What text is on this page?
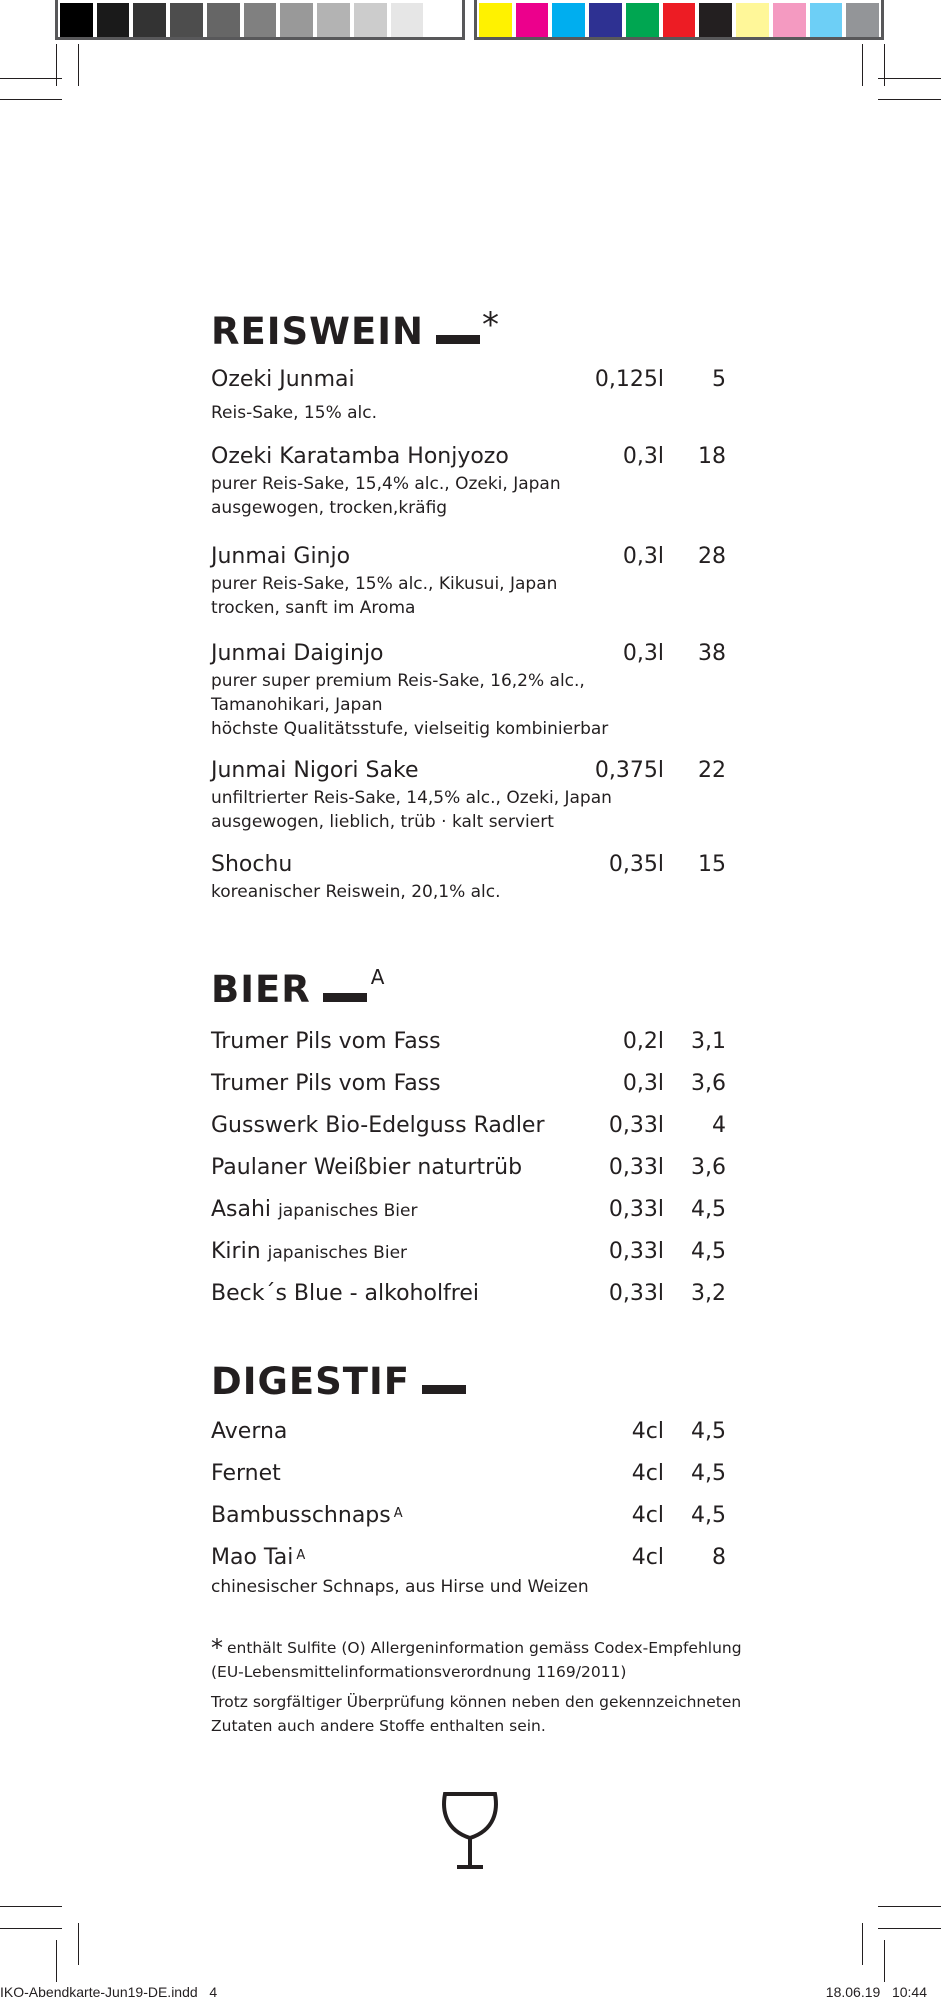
REISWEIN *
Ozeki Junmai	0,125l 5
Reis-Sake, 15% alc.
Ozeki Karatamba Honjyozo	0,3l 18
purer Reis-Sake, 15,4% alc., Ozeki, Japan
ausgewogen, trocken,kräfig
Junmai Ginjo	0,3l 28
purer Reis-Sake, 15% alc., Kikusui, Japan
trocken, sanft im Aroma
Junmai Daiginjo	0,3l 38
purer super premium Reis-Sake, 16,2% alc.,
Tamanohikari, Japan
höchste Qualitätsstufe, vielseitig kombinierbar
Junmai Nigori Sake	0,375l 22
unfiltrierter Reis-Sake, 14,5% alc., Ozeki, Japan
ausgewogen, lieblich, trüb · kalt serviert
Shochu	0,35l 15
koreanischer Reiswein, 20,1% alc.
BIER	$^A$
Trumer Pils vom Fass	0,2l 3,1
Trumer Pils vom Fass	0,3l 3,6
Gusswerk Bio-Edelguss Radler	0,33l 4
Paulaner Weißbier naturtrüb	0,33l 3,6
Asahi japanisches Bier	0,33l 4,5
Kirin japanisches Bier	0,33l 4,5
Beck´s Blue - alkoholfrei	0,33l 3,2
DIGESTIF
Averna	4cl 4,5
Fernet	4cl 4,5
Bambusschnaps $^A$	4cl 4,5
Mao Tai $^A$	4cl 8
chinesischer Schnaps, aus Hirse und Weizen
* enthält Sulfite (O) Allergeninformation gemäss Codex-Empfehlung
(EU-Lebensmittelinformationsverordnung 1169/2011)
Trotz sorgfältiger Überprüfung können neben den gekennzeichneten
Zutaten auch andere Stoffe enthalten sein.
IKO-Abendkarte-Jun19-DE.indd 4	18.06.19 10:44
